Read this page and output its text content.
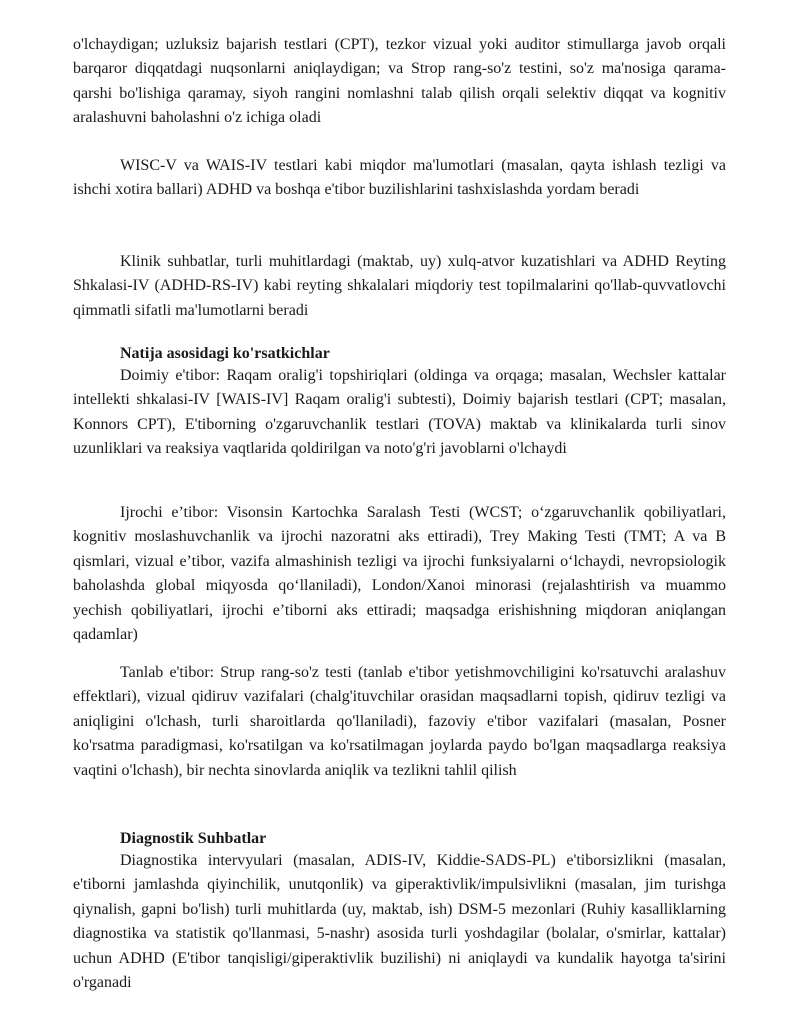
o'lchaydigan; uzluksiz bajarish testlari (CPT), tezkor vizual yoki auditor stimullarga javob orqali barqaror diqqatdagi nuqsonlarni aniqlaydigan; va Strop rang-so'z testini, so'z ma'nosiga qarama-qarshi bo'lishiga qaramay, siyoh rangini nomlashni talab qilish orqali selektiv diqqat va kognitiv aralashuvni baholashni o'z ichiga oladi

WISC-V va WAIS-IV testlari kabi miqdor ma'lumotlari (masalan, qayta ishlash tezligi va ishchi xotira ballari) ADHD va boshqa e'tibor buzilishlarini tashxislashda yordam beradi

Klinik suhbatlar, turli muhitlardagi (maktab, uy) xulq-atvor kuzatishlari va ADHD Reyting Shkalasi-IV (ADHD-RS-IV) kabi reyting shkalalari miqdoriy test topilmalarini qo'llab-quvvatlovchi qimmatli sifatli ma'lumotlarni beradi

Natija asosidagi ko'rsatkichlar

Doimiy e'tibor: Raqam oralig'i topshiriqlari (oldinga va orqaga; masalan, Wechsler kattalar intellekti shkalasi-IV [WAIS-IV] Raqam oralig'i subtesti), Doimiy bajarish testlari (CPT; masalan, Konnors CPT), E'tiborning o'zgaruvchanlik testlari (TOVA) maktab va klinikalarda turli sinov uzunliklari va reaksiya vaqtlarida qoldirilgan va noto'g'ri javoblarni o'lchaydi

Ijrochi e’tibor: Visonsin Kartochka Saralash Testi (WCST; o‘zgaruvchanlik qobiliyatlari, kognitiv moslashuvchanlik va ijrochi nazoratni aks ettiradi), Trey Making Testi (TMT; A va B qismlari, vizual e’tibor, vazifa almashinish tezligi va ijrochi funksiyalarni o‘lchaydi, nevropsiologik baholashda global miqyosda qo‘llaniladi), London/Xanoi minorasi (rejalashtirish va muammo yechish qobiliyatlari, ijrochi e’tiborni aks ettiradi; maqsadga erishishning miqdoran aniqlangan qadamlar)

Tanlab e'tibor: Strup rang-so'z testi (tanlab e'tibor yetishmovchiligini ko'rsatuvchi aralashuv effektlari), vizual qidiruv vazifalari (chalg'ituvchilar orasidan maqsadlarni topish, qidiruv tezligi va aniqligini o'lchash, turli sharoitlarda qo'llaniladi), fazoviy e'tibor vazifalari (masalan, Posner ko'rsatma paradigmasi, ko'rsatilgan va ko'rsatilmagan joylarda paydo bo'lgan maqsadlarga reaksiya vaqtini o'lchash), bir nechta sinovlarda aniqlik va tezlikni tahlil qilish

Diagnostik Suhbatlar

Diagnostika intervyulari (masalan, ADIS-IV, Kiddie-SADS-PL) e'tiborsizlikni (masalan, e'tiborni jamlashda qiyinchilik, unutqonlik) va giperaktivlik/impulsivlikni (masalan, jim turishga qiynalish, gapni bo'lish) turli muhitlarda (uy, maktab, ish) DSM-5 mezonlari (Ruhiy kasalliklarning diagnostika va statistik qo'llanmasi, 5-nashr) asosida turli yoshdagilar (bolalar, o'smirlar, kattalar) uchun ADHD (E'tibor tanqisligi/giperaktivlik buzilishi) ni aniqlaydi va kundalik hayotga ta'sirini o'rganadi
